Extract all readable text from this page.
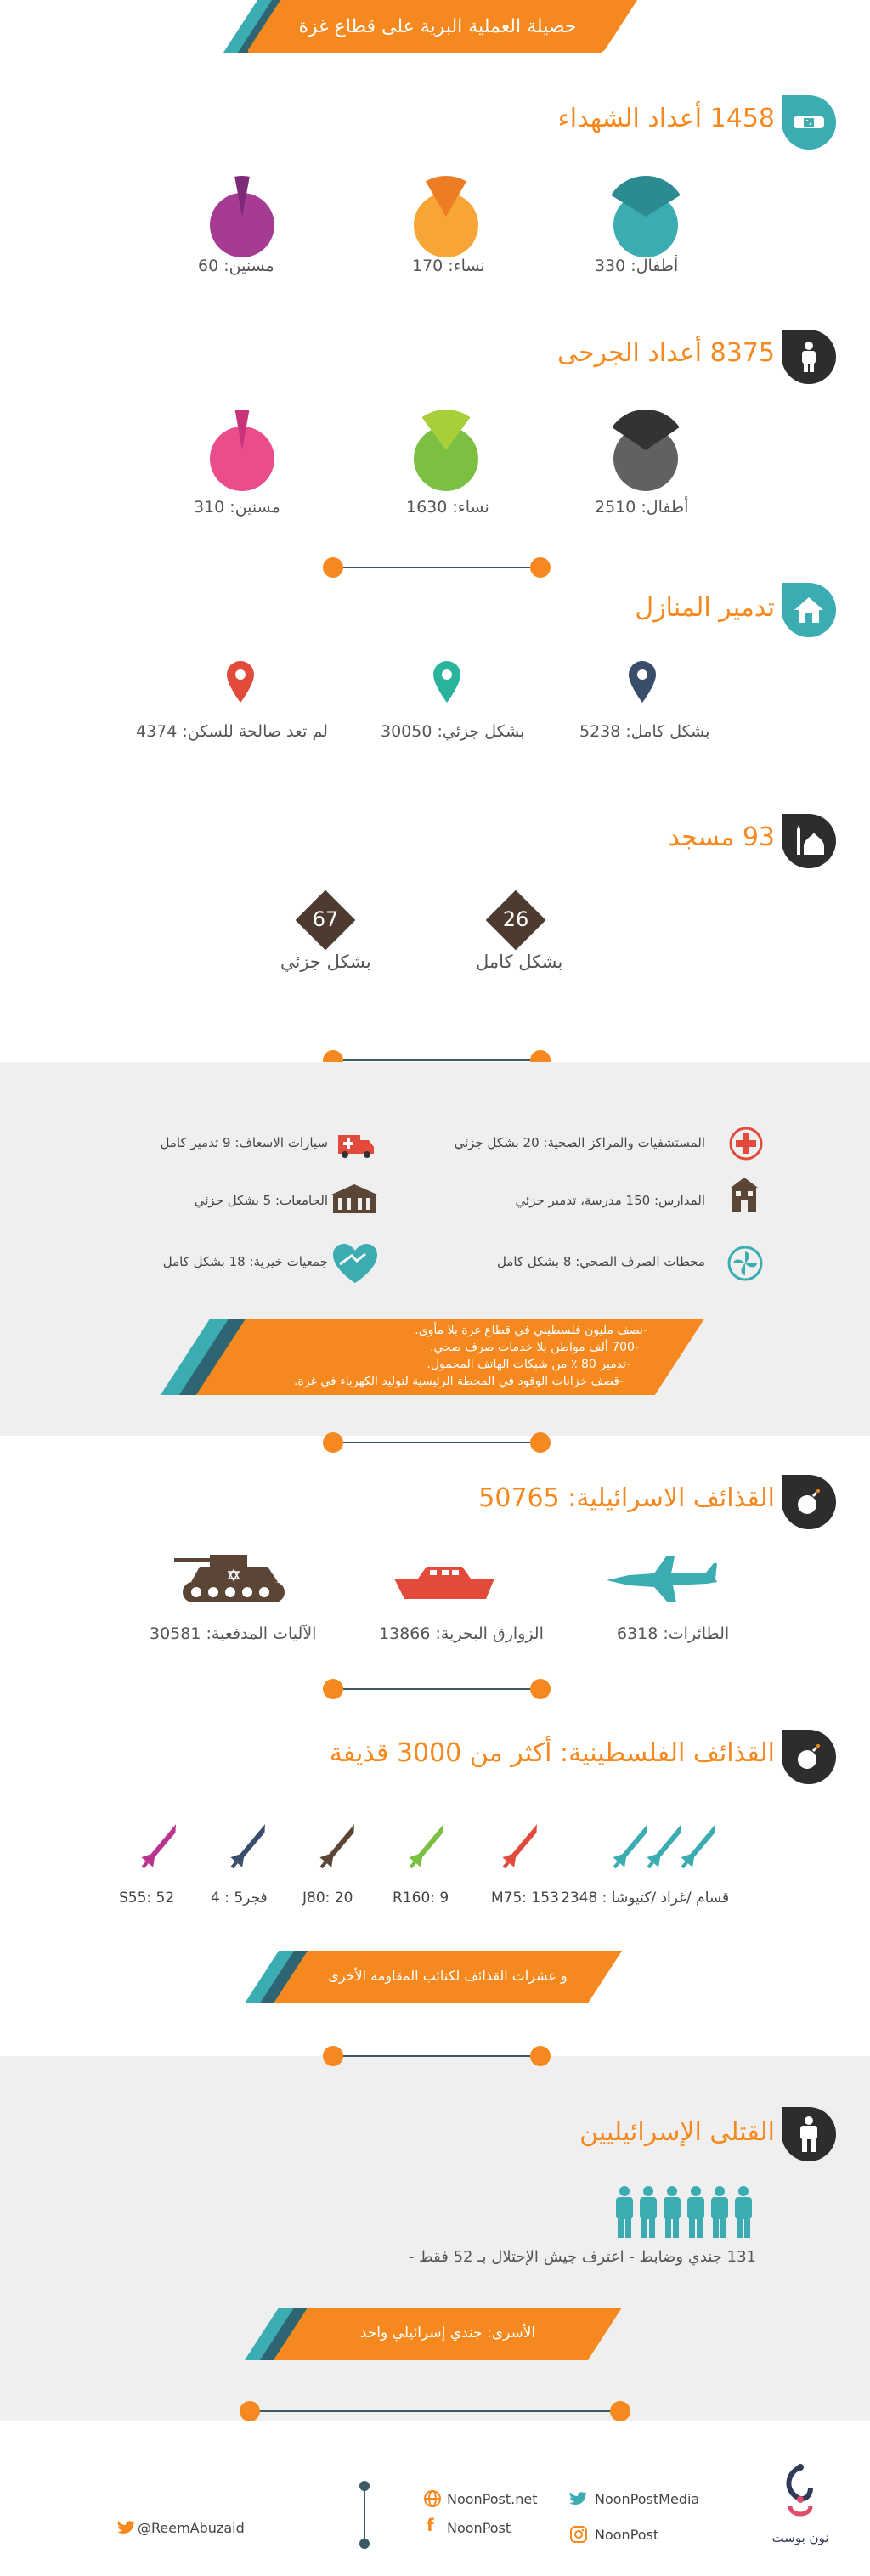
حصيلة العملية البرية على قطاع غزة
1458 أعداد الشهداء
أطفال: 330
نساء: 170
مسنين: 60
8375 أعداد الجرحى
أطفال: 2510
نساء: 1630
مسنين: 310
تدمير المنازل
بشكل كامل: 5238
بشكل جزئي: 30050
لم تعد صالحة للسكن: 4374
93 مسجد
26
بشكل كامل
67
بشكل جزئي
المستشفيات والمراكز الصحية: 20 بشكل جزئي
سيارات الاسعاف: 9 تدمير كامل
المدارس: 150 مدرسة، تدمير جزئي
الجامعات: 5 بشكل جزئي
محطات الصرف الصحي: 8 بشكل كامل
جمعيات خيرية: 18 بشكل كامل
-نصف مليون فلسطيني في قطاع غزة بلا مأوى.
-700 ألف مواطن بلا خدمات صرف صحي.
-تدمير 80 ٪ من شبكات الهاتف المحمول.
-قصف خزانات الوقود في المحطة الرئيسية لتوليد الكهرباء في غزة.
القذائف الاسرائيلية: 50765
الطائرات: 6318
الزوارق البحرية: 13866
الآليات المدفعية: 30581
القذائف الفلسطينية: أكثر من 3000 قذيفة
قسام /غراد /كتيوشا : 2348
M75: 153
R160: 9
J80: 20
فجر5 : 4
S55: 52
و عشرات القذائف لكتائب المقاومة الأخرى
القتلى الإسرائيليين
131 جندي وضابط - اعترف جيش الإحتلال بـ 52 فقط -
الأسرى: جندي إسرائيلي واحد
نون بوست
NoonPostMedia
NoonPost.net
NoonPost
f NoonPost
@ReemAbuzaid
